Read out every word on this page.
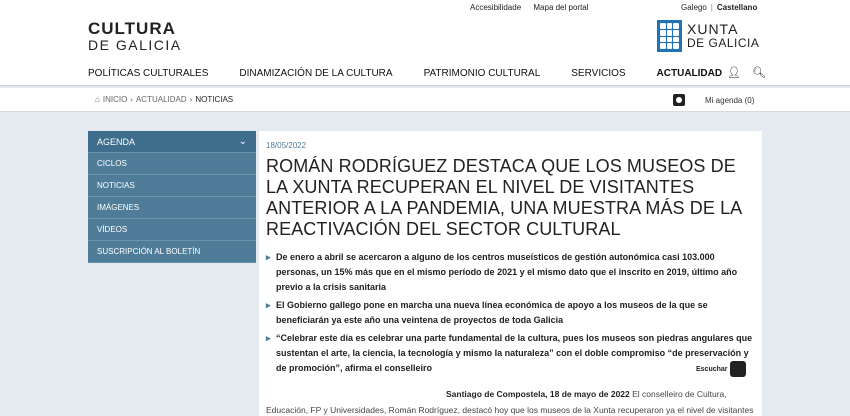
Accesibilidade Mapa del portal	Galego | Castellano
CULTURA
DE GALICIA
XUNTA
DE GALICIA
POLÍTICAS CULTURALES	DINAMIZACIÓN DE LA CULTURA	PATRIMONIO CULTURAL	SERVICIOS	ACTUALIDAD 👤︎ 🔍︎
⌂ INICIO › ACTUALIDAD › NOTICIAS	Mi agenda (0)
AGENDA	⌄
CICLOS
NOTICIAS
IMÁGENES
VÍDEOS
SUSCRIPCIÓN AL BOLETÍN
18/05/2022
ROMÁN RODRÍGUEZ DESTACA QUE LOS MUSEOS DE LA XUNTA RECUPERAN EL NIVEL DE VISITANTES ANTERIOR A LA PANDEMIA, UNA MUESTRA MÁS DE LA REACTIVACIÓN DEL SECTOR CULTURAL
▸ De enero a abril se acercaron a alguno de los centros museísticos de gestión autonómica casi 103.000 personas, un 15% más que en el mismo período de 2021 y el mismo dato que el inscrito en 2019, último año previo a la crisis sanitaria
▸ El Gobierno gallego pone en marcha una nueva línea económica de apoyo a los museos de la que se beneficiarán ya este año una veintena de proyectos de toda Galicia
▸ “Celebrar este día es celebrar una parte fundamental de la cultura, pues los museos son piedras angulares que sustentan el arte, la ciencia, la tecnología y mismo la naturaleza” con el doble compromiso “de preservación y de promoción”, afirma el conselleiro	Escuchar
Santiago de Compostela, 18 de mayo de 2022 El conselleiro de Cultura, Educación, FP y Universidades, Román Rodríguez, destacó hoy que los museos de la Xunta recuperaron ya el nivel de visitantes
